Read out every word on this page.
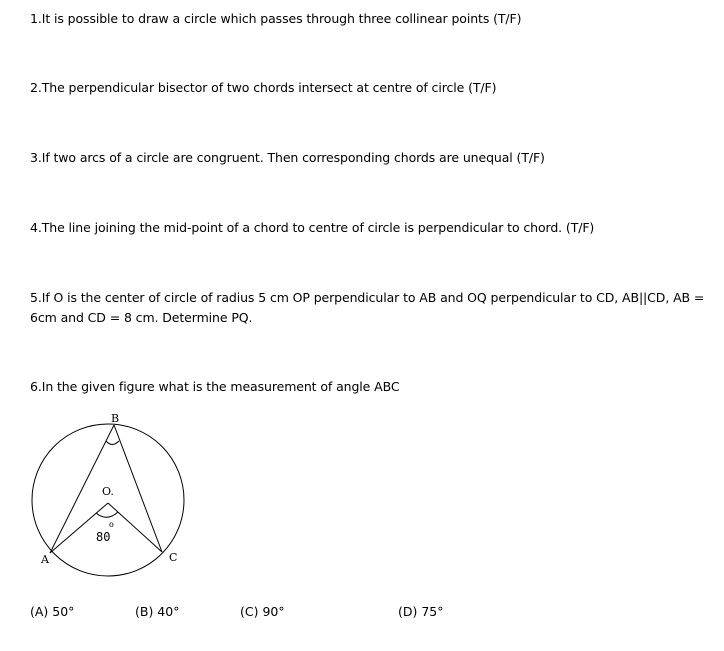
1.It is possible to draw a circle which passes through three collinear points (T/F)
2.The perpendicular bisector of two chords intersect at centre of circle (T/F)
3.If two arcs of a circle are congruent. Then corresponding chords are unequal (T/F)
4.The line joining the mid-point of a chord to centre of circle is perpendicular to chord. (T/F)
5.If O is the center of circle of radius 5 cm OP perpendicular to AB and OQ perpendicular to CD, AB||CD, AB = 6cm and CD = 8 cm. Determine PQ.
6.In the given figure what is the measurement of angle ABC
B
O.
o
80
A	C
(A) 50°	(B) 40°	(C) 90°	(D) 75°
